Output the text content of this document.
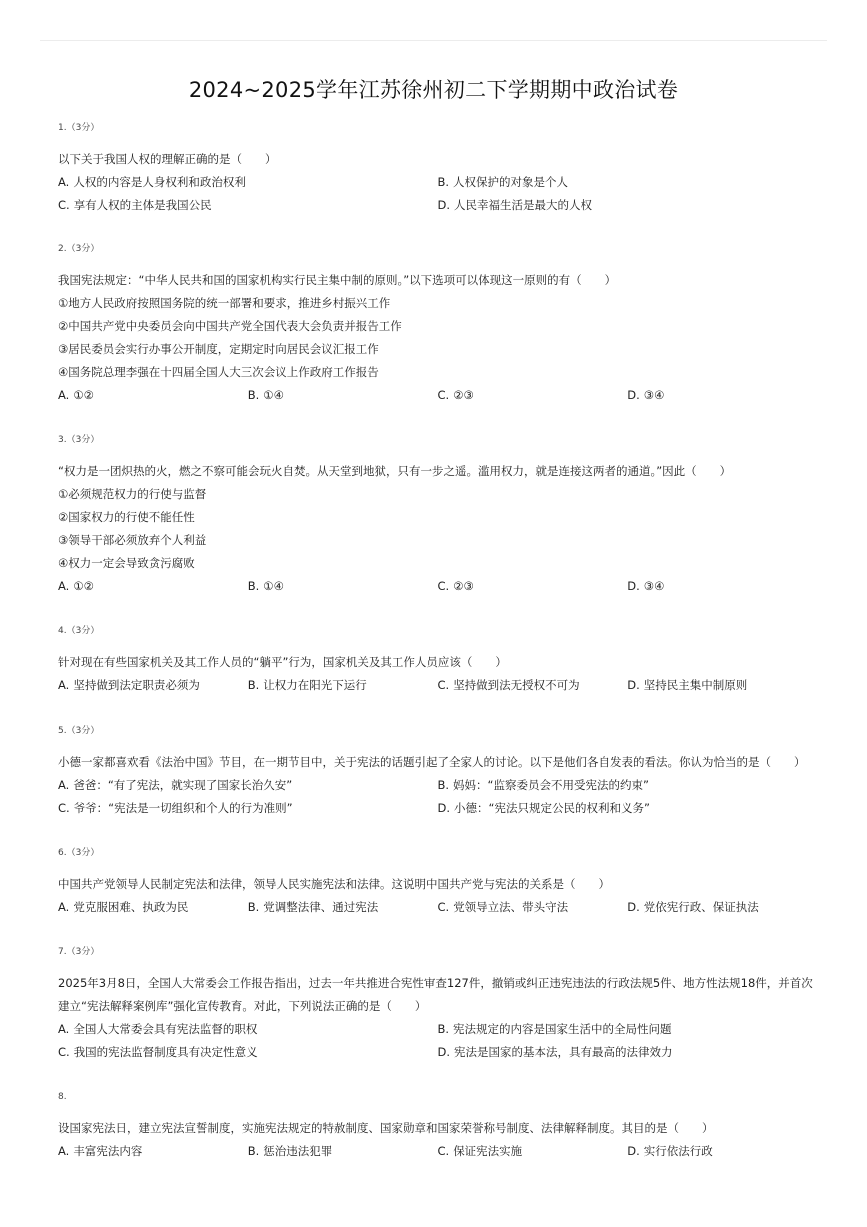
2024~2025学年江苏徐州初二下学期期中政治试卷
1.（3分）
以下关于我国人权的理解正确的是（　　）
A. 人权的内容是人身权利和政治权利	B. 人权保护的对象是个人
C. 享有人权的主体是我国公民	D. 人民幸福生活是最大的人权
2.（3分）
我国宪法规定：“中华人民共和国的国家机构实行民主集中制的原则。”以下选项可以体现这一原则的有（　　）
①地方人民政府按照国务院的统一部署和要求，推进乡村振兴工作
②中国共产党中央委员会向中国共产党全国代表大会负责并报告工作
③居民委员会实行办事公开制度，定期定时向居民会议汇报工作
④国务院总理李强在十四届全国人大三次会议上作政府工作报告
A. ①②	B. ①④	C. ②③	D. ③④
3.（3分）
“权力是一团炽热的火，燃之不察可能会玩火自焚。从天堂到地狱，只有一步之遥。滥用权力，就是连接这两者的通道。”因此（　　）
①必须规范权力的行使与监督
②国家权力的行使不能任性
③领导干部必须放弃个人利益
④权力一定会导致贪污腐败
A. ①②	B. ①④	C. ②③	D. ③④
4.（3分）
针对现在有些国家机关及其工作人员的“躺平”行为，国家机关及其工作人员应该（　　）
A. 坚持做到法定职责必须为	B. 让权力在阳光下运行	C. 坚持做到法无授权不可为	D. 坚持民主集中制原则
5.（3分）
小德一家都喜欢看《法治中国》节目，在一期节目中，关于宪法的话题引起了全家人的讨论。以下是他们各自发表的看法。你认为恰当的是（　　）
A. 爸爸：“有了宪法，就实现了国家长治久安”	B. 妈妈：“监察委员会不用受宪法的约束”
C. 爷爷：“宪法是一切组织和个人的行为准则”	D. 小德：“宪法只规定公民的权利和义务”
6.（3分）
中国共产党领导人民制定宪法和法律，领导人民实施宪法和法律。这说明中国共产党与宪法的关系是（　　）
A. 党克服困难、执政为民	B. 党调整法律、通过宪法	C. 党领导立法、带头守法	D. 党依宪行政、保证执法
7.（3分）
2025年3月8日，全国人大常委会工作报告指出，过去一年共推进合宪性审查127件，撤销或纠正违宪违法的行政法规5件、地方性法规18件，并首次建立“宪法解释案例库”强化宣传教育。对此，下列说法正确的是（　　）
A. 全国人大常委会具有宪法监督的职权	B. 宪法规定的内容是国家生活中的全局性问题
C. 我国的宪法监督制度具有决定性意义	D. 宪法是国家的基本法，具有最高的法律效力
8.
设国家宪法日，建立宪法宣誓制度，实施宪法规定的特赦制度、国家勋章和国家荣誉称号制度、法律解释制度。其目的是（　　）
A. 丰富宪法内容	B. 惩治违法犯罪	C. 保证宪法实施	D. 实行依法行政
